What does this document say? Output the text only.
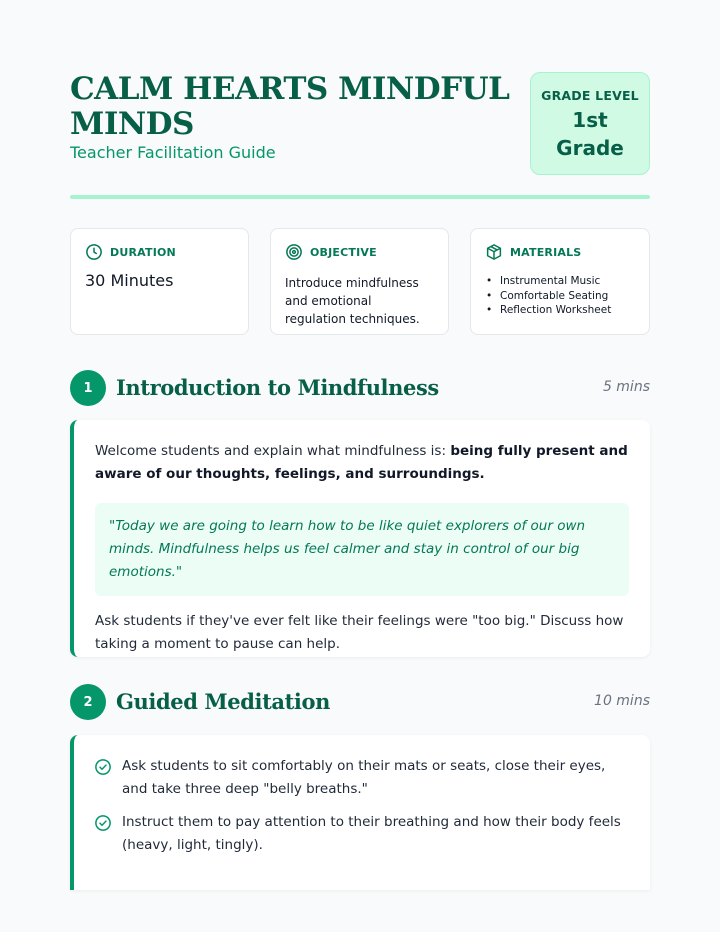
CALM HEARTS MINDFUL MINDS
Teacher Facilitation Guide
GRADE LEVEL
1st Grade
DURATION
30 Minutes
OBJECTIVE
Introduce mindfulness and emotional regulation techniques.
MATERIALS
• Instrumental Music
• Comfortable Seating
• Reflection Worksheet
1	Introduction to Mindfulness	5 mins

Welcome students and explain what mindfulness is: being fully present and aware of our thoughts, feelings, and surroundings.

"Today we are going to learn how to be like quiet explorers of our own minds. Mindfulness helps us feel calmer and stay in control of our big emotions."

Ask students if they've ever felt like their feelings were "too big." Discuss how taking a moment to pause can help.

2	Guided Meditation	10 mins
Ask students to sit comfortably on their mats or seats, close their eyes, and take three deep "belly breaths."
Instruct them to pay attention to their breathing and how their body feels (heavy, light, tingly).
